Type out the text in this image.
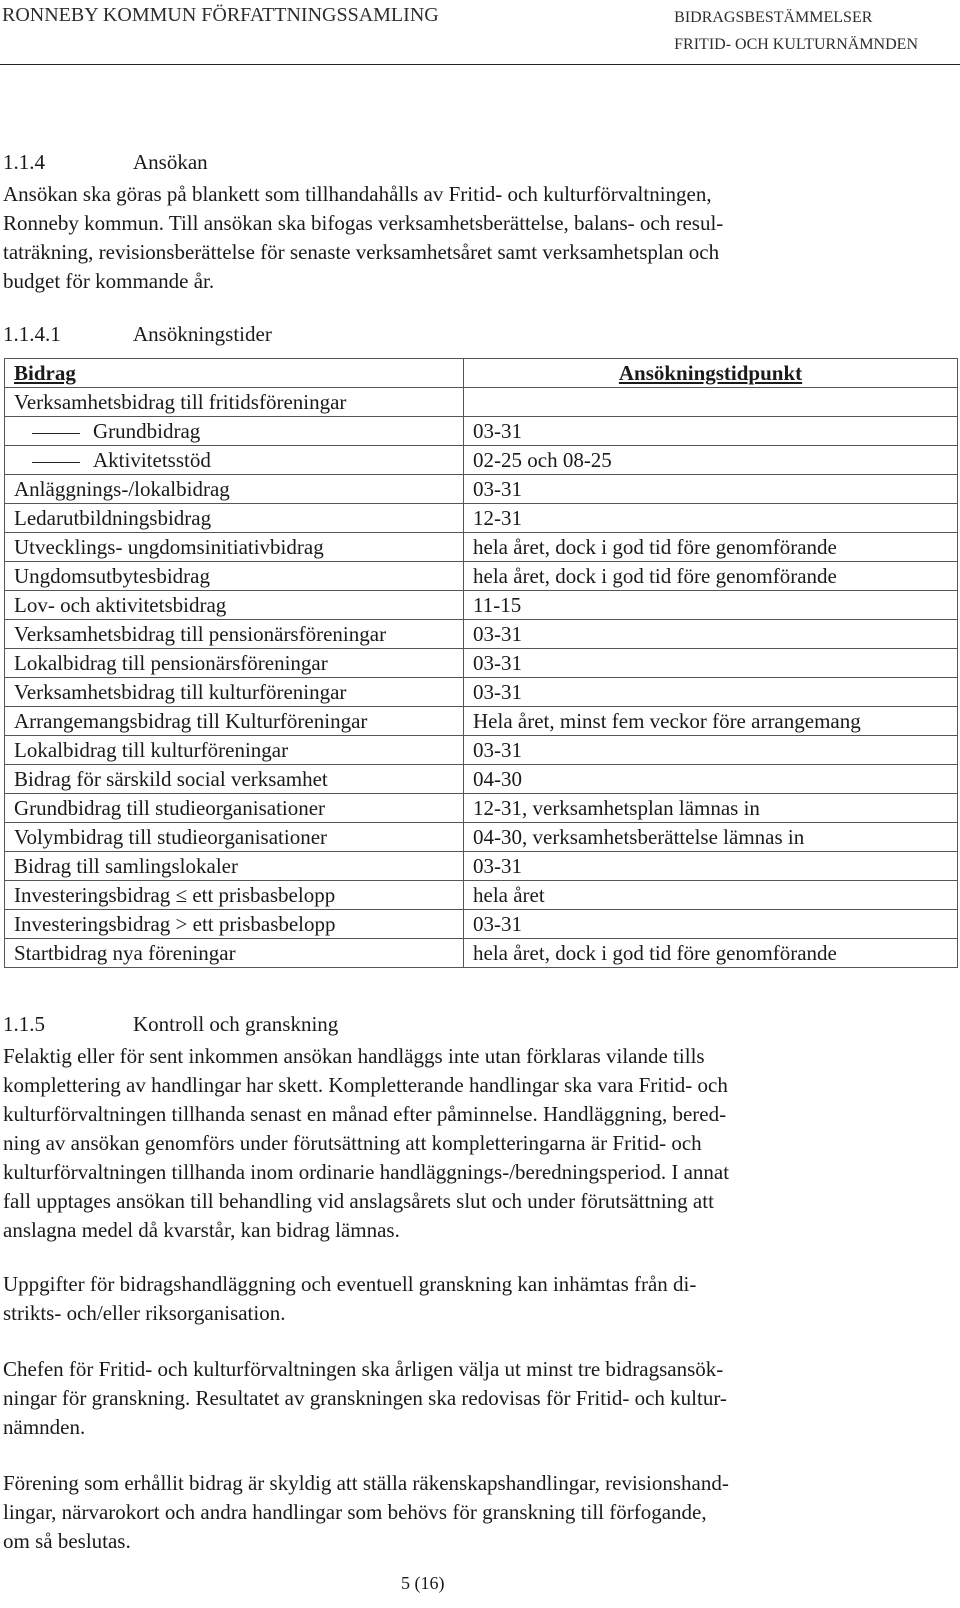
RONNEBY KOMMUN FÖRFATTNINGSSAMLING	BIDRAGSBESTÄMMELSER
FRITID- OCH KULTURNÄMNDEN
1.1.4	Ansökan
Ansökan ska göras på blankett som tillhandahålls av Fritid- och kulturförvaltningen,
Ronneby kommun. Till ansökan ska bifogas verksamhetsberättelse, balans- och resul-
taträkning, revisionsberättelse för senaste verksamhetsåret samt verksamhetsplan och
budget för kommande år.
1.1.4.1	Ansökningstider
Bidrag	Ansökningstidpunkt
Verksamhetsbidrag till fritidsföreningar	
Grundbidrag	03-31
Aktivitetsstöd	02-25 och 08-25
Anläggnings-/lokalbidrag	03-31
Ledarutbildningsbidrag	12-31
Utvecklings- ungdomsinitiativbidrag	hela året, dock i god tid före genomförande
Ungdomsutbytesbidrag	hela året, dock i god tid före genomförande
Lov- och aktivitetsbidrag	11-15
Verksamhetsbidrag till pensionärsföreningar	03-31
Lokalbidrag till pensionärsföreningar	03-31
Verksamhetsbidrag till kulturföreningar	03-31
Arrangemangsbidrag till Kulturföreningar	Hela året, minst fem veckor före arrangemang
Lokalbidrag till kulturföreningar	03-31
Bidrag för särskild social verksamhet	04-30
Grundbidrag till studieorganisationer	12-31, verksamhetsplan lämnas in
Volymbidrag till studieorganisationer	04-30, verksamhetsberättelse lämnas in
Bidrag till samlingslokaler	03-31
Investeringsbidrag ≤ ett prisbasbelopp	hela året
Investeringsbidrag > ett prisbasbelopp	03-31
Startbidrag nya föreningar	hela året, dock i god tid före genomförande
1.1.5	Kontroll och granskning
Felaktig eller för sent inkommen ansökan handläggs inte utan förklaras vilande tills
komplettering av handlingar har skett. Kompletterande handlingar ska vara Fritid- och
kulturförvaltningen tillhanda senast en månad efter påminnelse. Handläggning, bered-
ning av ansökan genomförs under förutsättning att kompletteringarna är Fritid- och
kulturförvaltningen tillhanda inom ordinarie handläggnings-/beredningsperiod. I annat
fall upptages ansökan till behandling vid anslagsårets slut och under förutsättning att
anslagna medel då kvarstår, kan bidrag lämnas.
Uppgifter för bidragshandläggning och eventuell granskning kan inhämtas från di-
strikts- och/eller riksorganisation.
Chefen för Fritid- och kulturförvaltningen ska årligen välja ut minst tre bidragsansök-
ningar för granskning. Resultatet av granskningen ska redovisas för Fritid- och kultur-
nämnden.
Förening som erhållit bidrag är skyldig att ställa räkenskapshandlingar, revisionshand-
lingar, närvarokort och andra handlingar som behövs för granskning till förfogande,
om så beslutas.
5 (16)
